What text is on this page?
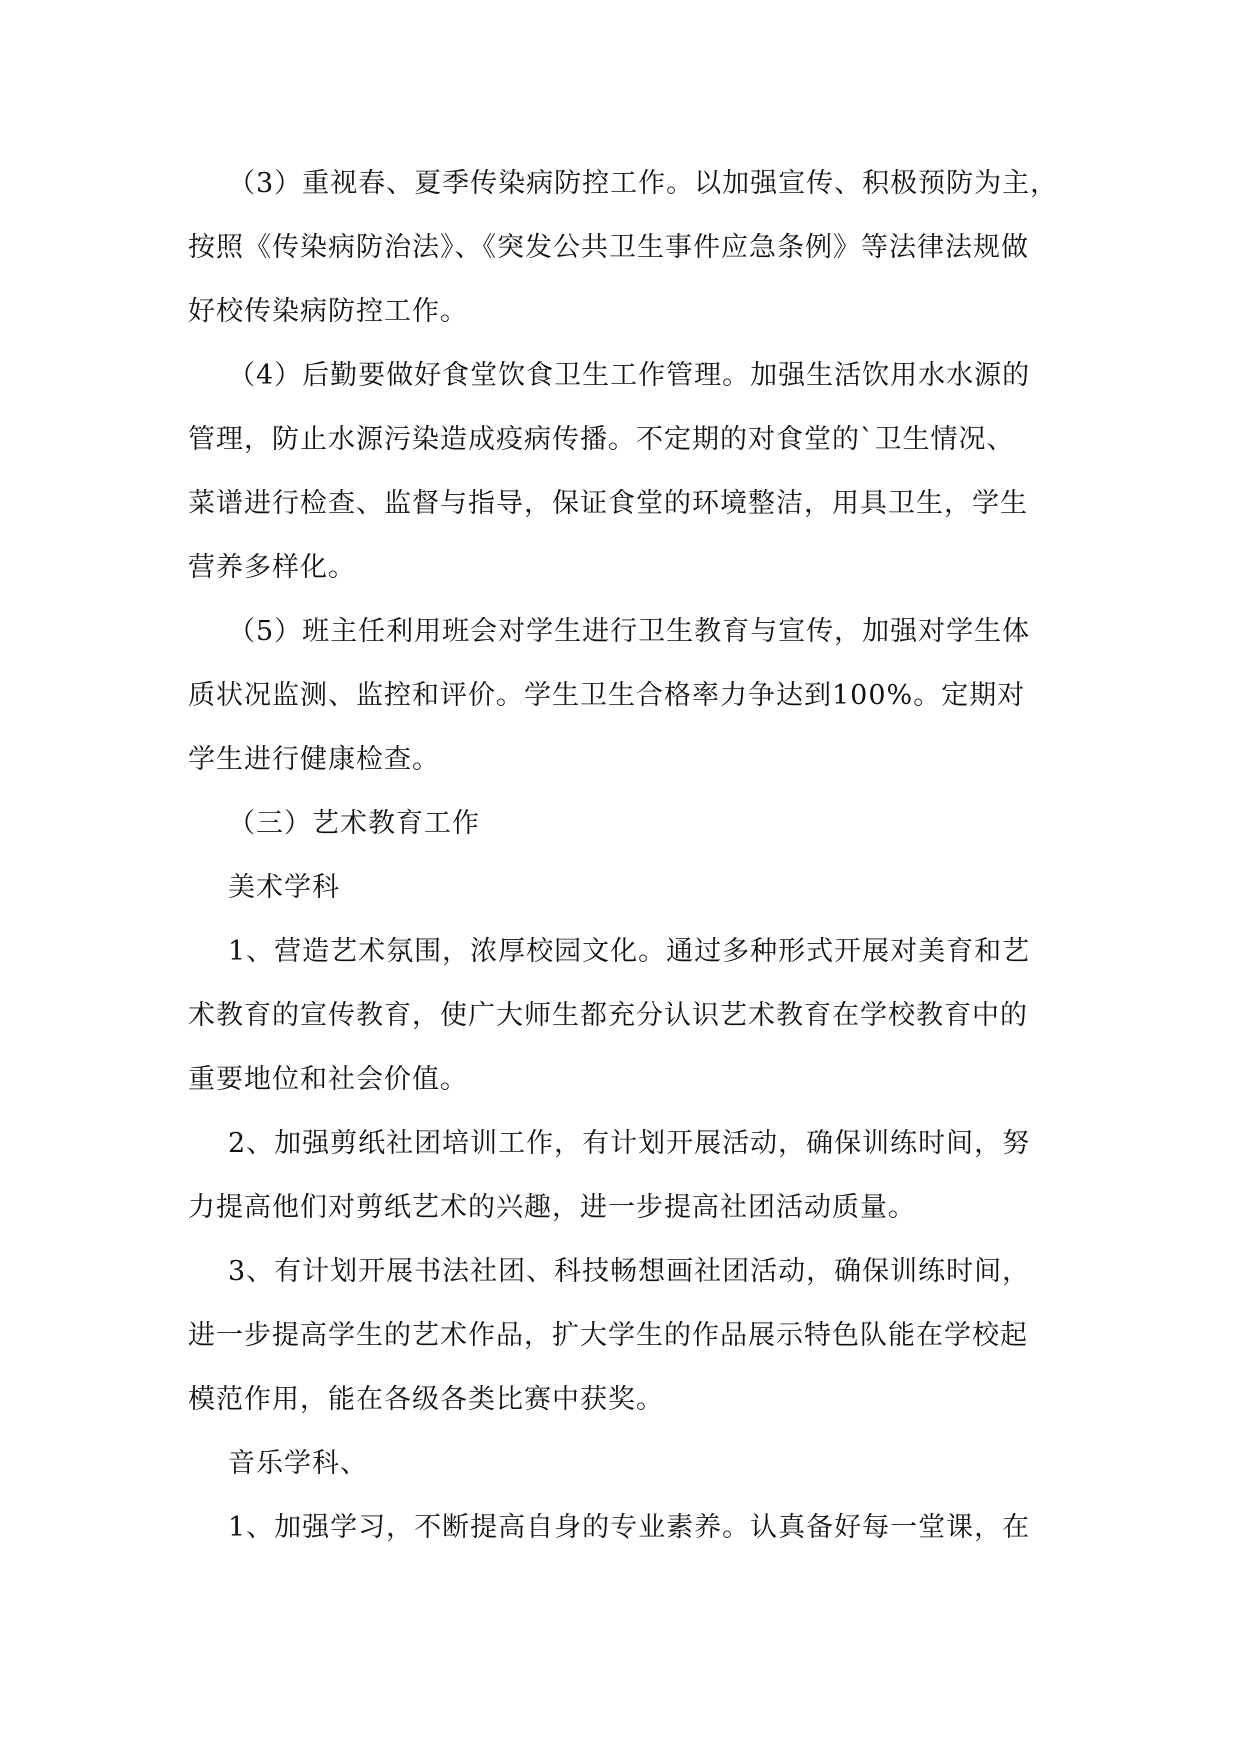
（3）重视春、夏季传染病防控工作。以加强宣传、积极预防为主，
按照《传染病防治法》、《突发公共卫生事件应急条例》等法律法规做
好校传染病防控工作。
（4）后勤要做好食堂饮食卫生工作管理。加强生活饮用水水源的
管理，防止水源污染造成疫病传播。不定期的对食堂的`卫生情况、
菜谱进行检查、监督与指导，保证食堂的环境整洁，用具卫生，学生
营养多样化。
（5）班主任利用班会对学生进行卫生教育与宣传，加强对学生体
质状况监测、监控和评价。学生卫生合格率力争达到100%。定期对
学生进行健康检查。
（三）艺术教育工作
美术学科
1、营造艺术氛围，浓厚校园文化。通过多种形式开展对美育和艺
术教育的宣传教育，使广大师生都充分认识艺术教育在学校教育中的
重要地位和社会价值。
2、加强剪纸社团培训工作，有计划开展活动，确保训练时间，努
力提高他们对剪纸艺术的兴趣，进一步提高社团活动质量。
3、有计划开展书法社团、科技畅想画社团活动，确保训练时间，
进一步提高学生的艺术作品，扩大学生的作品展示特色队能在学校起
模范作用，能在各级各类比赛中获奖。
音乐学科、
1、加强学习，不断提高自身的专业素养。认真备好每一堂课，在
